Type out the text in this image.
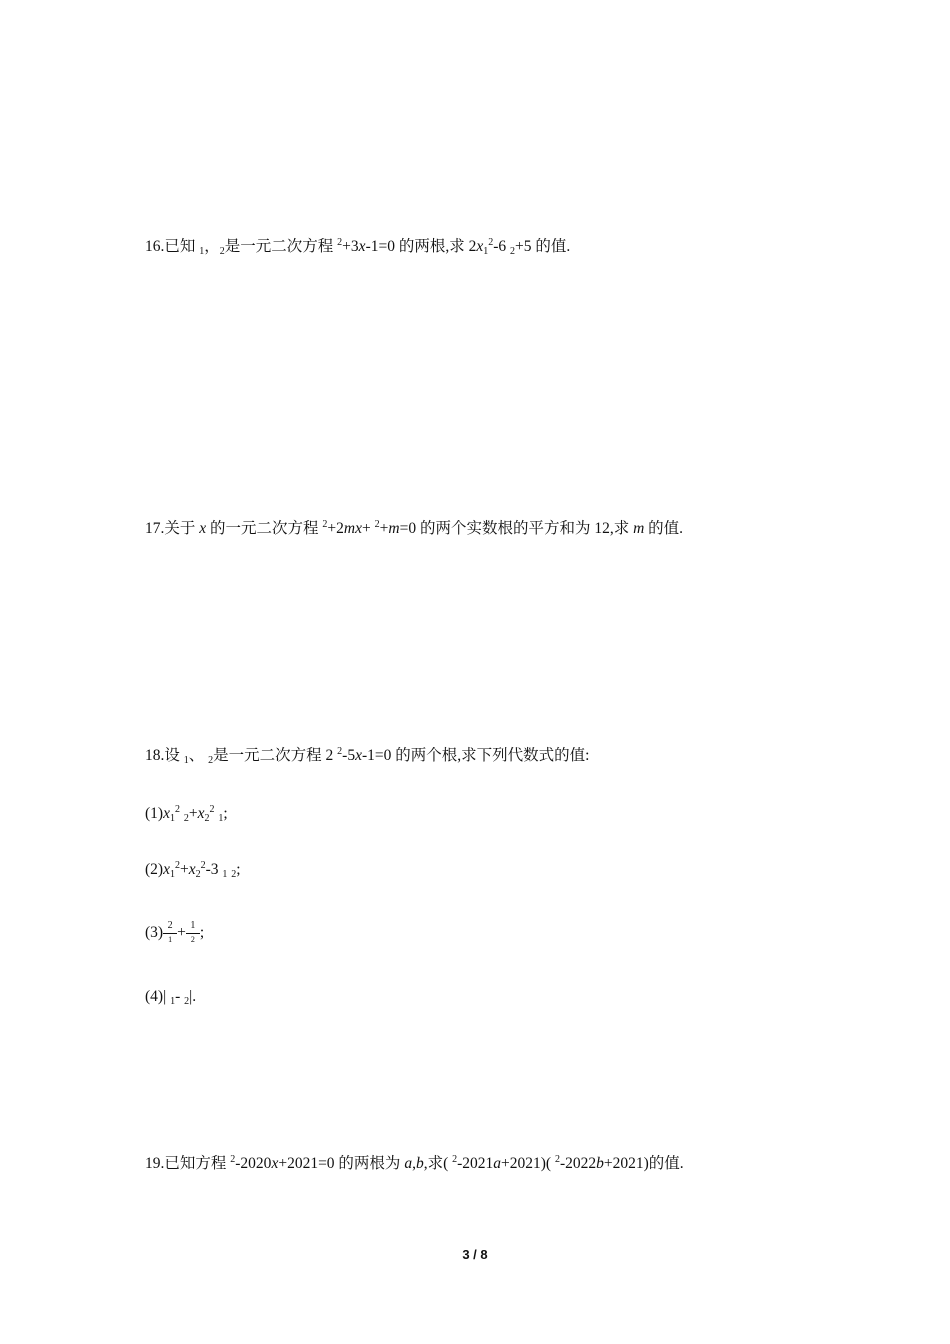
16.已知 $_1$，$_2$是一元二次方程 $^2$+3x-1=0 的两根,求 $2x_1^2-6$ $_2$+5 的值.
17.关于 x 的一元二次方程 $^2$+2mx+ $^2$+m=0 的两个实数根的平方和为 12,求 m 的值.
18.设 $_1$、 $_2$是一元二次方程 2 $^2$-5x-1=0 的两个根,求下列代数式的值:
$(1)x_1^2$ $_2+x_2^2$ $_1$;
$(2)x_1^2+x_2^2-3$ $_1$ $_2$;
$(3) \frac{2}{1} + \frac{1}{2}$ ;
(4)| $_1$- $_2$|.
19.已知方程 $^2$-2020x+2021=0 的两根为 a,b,求( $^2$-2021a+2021)( $^2$-2022b+2021)的值.
3 / 8
